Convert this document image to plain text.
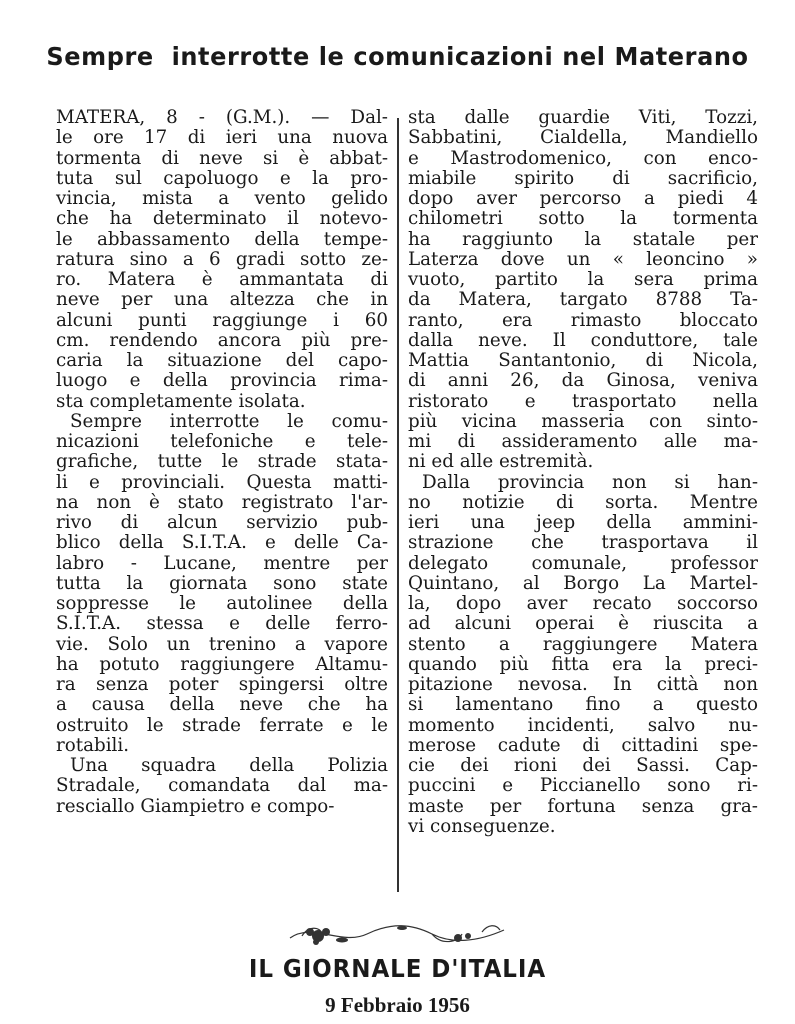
Sempre  interrotte le comunicazioni nel Materano

MATERA, 8 - (G.M.). — Dal-
le ore 17 di ieri una nuova
tormenta di neve si è abbat-
tuta sul capoluogo e la pro-
vincia, mista a vento gelido
che ha determinato il notevo-
le abbassamento della tempe-
ratura sino a 6 gradi sotto ze-
ro. Matera è ammantata di
neve per una altezza che in
alcuni punti raggiunge i 60
cm. rendendo ancora più pre-
caria la situazione del capo-
luogo e della provincia rima-
sta completamente isolata.

Sempre interrotte le comu-
nicazioni telefoniche e tele-
grafiche, tutte le strade stata-
li e provinciali. Questa matti-
na non è stato registrato l'ar-
rivo di alcun servizio pub-
blico della S.I.T.A. e delle Ca-
labro - Lucane, mentre per
tutta la giornata sono state
soppresse le autolinee della
S.I.T.A. stessa e delle ferro-
vie. Solo un trenino a vapore
ha potuto raggiungere Altamu-
ra senza poter spingersi oltre
a causa della neve che ha
ostruito le strade ferrate e le
rotabili.

Una squadra della Polizia
Stradale, comandata dal ma-
resciallo Giampietro e compo-

sta dalle guardie Viti, Tozzi,
Sabbatini, Cialdella, Mandiello
e Mastrodomenico, con enco-
miabile spirito di sacrificio,
dopo aver percorso a piedi 4
chilometri sotto la tormenta
ha raggiunto la statale per
Laterza dove un « leoncino »
vuoto, partito la sera prima
da Matera, targato 8788 Ta-
ranto, era rimasto bloccato
dalla neve. Il conduttore, tale
Mattia Santantonio, di Nicola,
di anni 26, da Ginosa, veniva
ristorato e trasportato nella
più vicina masseria con sinto-
mi di assideramento alle ma-
ni ed alle estremità.

Dalla provincia non si han-
no notizie di sorta. Mentre
ieri una jeep della ammini-
strazione che trasportava il
delegato comunale, professor
Quintano, al Borgo La Martel-
la, dopo aver recato soccorso
ad alcuni operai è riuscita a
stento a raggiungere Matera
quando più fitta era la preci-
pitazione nevosa. In città non
si lamentano fino a questo
momento incidenti, salvo nu-
merose cadute di cittadini spe-
cie dei rioni dei Sassi. Cap-
puccini e Piccianello sono ri-
maste per fortuna senza gra-
vi conseguenze.

IL GIORNALE D'ITALIA
9 Febbraio 1956
